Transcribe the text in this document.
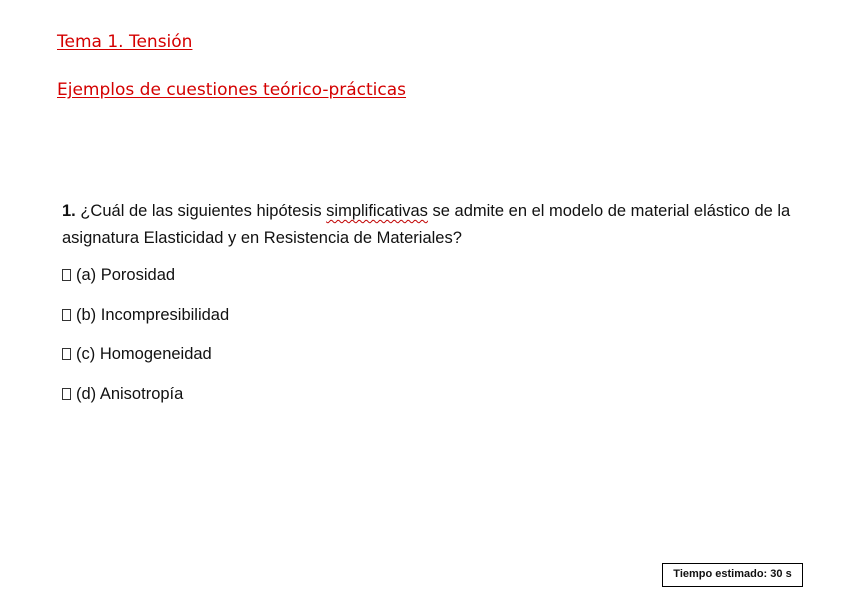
Tema 1. Tensión
Ejemplos de cuestiones teórico-prácticas
1. ¿Cuál de las siguientes hipótesis simplificativas se admite en el modelo de material elástico de la asignatura Elasticidad y en Resistencia de Materiales?
(a) Porosidad
(b) Incompresibilidad
(c) Homogeneidad
(d) Anisotropía
Tiempo estimado: 30 s
